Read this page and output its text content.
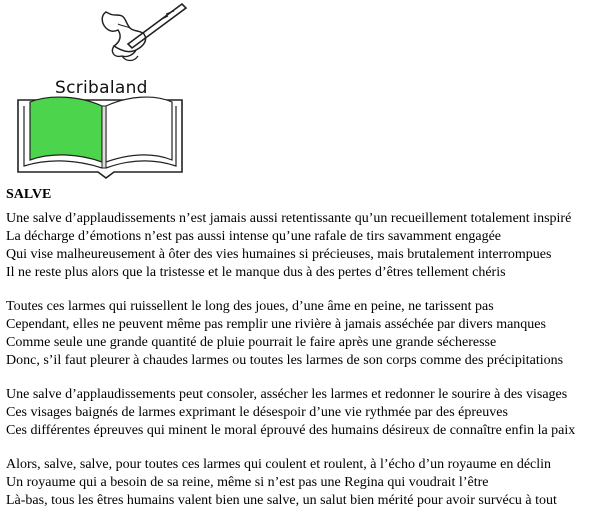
Scribaland
SALVE
Une salve d’applaudissements n’est jamais aussi retentissante qu’un recueillement totalement inspiré
La décharge d’émotions n’est pas aussi intense qu’une rafale de tirs savamment engagée
Qui vise malheureusement à ôter des vies humaines si précieuses, mais brutalement interrompues
Il ne reste plus alors que la tristesse et le manque dus à des pertes d’êtres tellement chéris
Toutes ces larmes qui ruissellent le long des joues, d’une âme en peine, ne tarissent pas
Cependant, elles ne peuvent même pas remplir une rivière à jamais asséchée par divers manques
Comme seule une grande quantité de pluie pourrait le faire après une grande sécheresse
Donc, s’il faut pleurer à chaudes larmes ou toutes les larmes de son corps comme des précipitations
Une salve d’applaudissements peut consoler, assécher les larmes et redonner le sourire à des visages
Ces visages baignés de larmes exprimant le désespoir d’une vie rythmée par des épreuves
Ces différentes épreuves qui minent le moral éprouvé des humains désireux de connaître enfin la paix
Alors, salve, salve, pour toutes ces larmes qui coulent et roulent, à l’écho d’un royaume en déclin
Un royaume qui a besoin de sa reine, même si n’est pas une Regina qui voudrait l’être
Là-bas, tous les êtres humains valent bien une salve, un salut bien mérité pour avoir survécu à tout
